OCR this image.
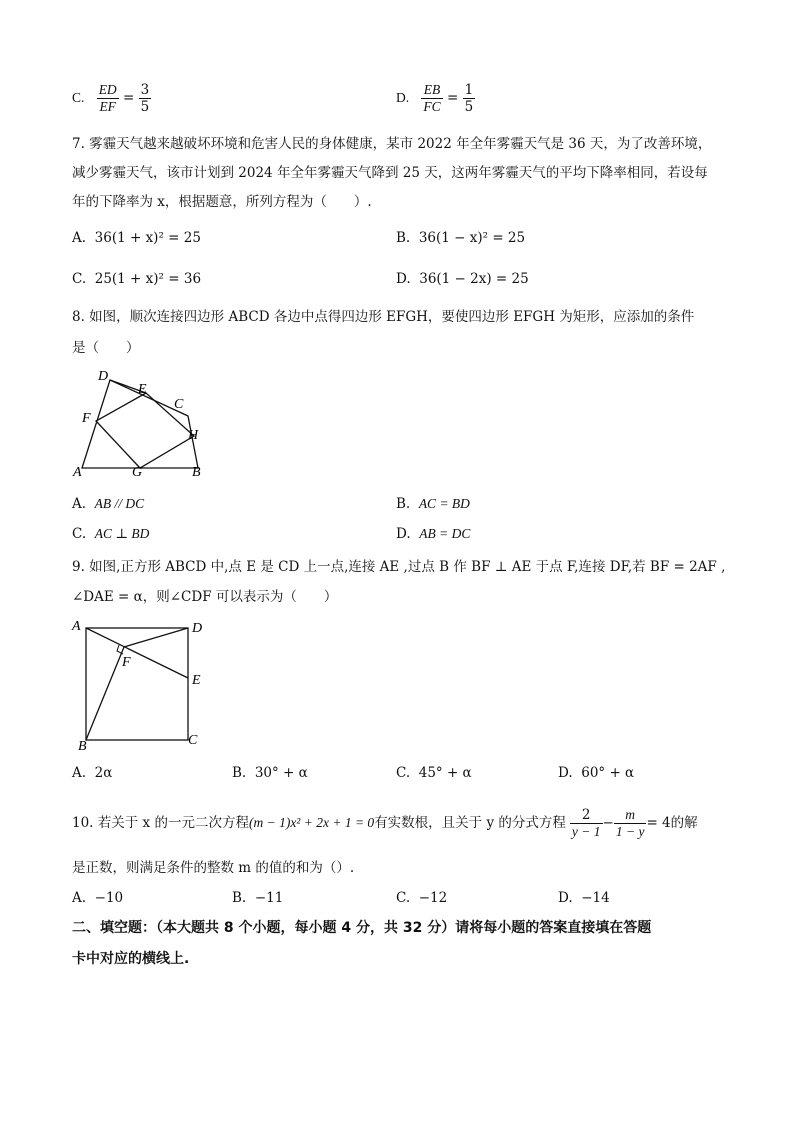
C. $\frac{ED}{EF} = \frac{3}{5}$	D. $\frac{EB}{FC} = \frac{1}{5}$
7. 雾霾天气越来越破坏环境和危害人民的身体健康，某市 2022 年全年雾霾天气是 36 天，为了改善环境，
减少雾霾天气，该市计划到 2024 年全年雾霾天气降到 25 天，这两年雾霾天气的平均下降率相同，若设每
年的下降率为 x，根据题意，所列方程为（　　）.
A. 36(1 + x)² = 25	B. 36(1 − x)² = 25
C. 25(1 + x)² = 36	D. 36(1 − 2x) = 25
8. 如图，顺次连接四边形 ABCD 各边中点得四边形 EFGH，要使四边形 EFGH 为矩形，应添加的条件
是（　　）
D
E
C
F
H
A	G	B
A. AB // DC	B. AC = BD
C. AC ⊥ BD	D. AB = DC
9. 如图,正方形 ABCD 中,点 E 是 CD 上一点,连接 AE ,过点 B 作 BF ⊥ AE 于点 F,连接 DF,若 BF = 2AF ,
∠DAE = α，则∠CDF 可以表示为（　　）
A	D
F
E
B	C
A. 2α	B. 30° + α	C. 45° + α	D. 60° + α
10. 若关于 x 的一元二次方程 (m − 1)x² + 2x + 1 = 0 有实数根，且关于 y 的分式方程 $\frac{2}{y - 1} - \frac{m}{1 - y} = 4$ 的解
是正数，则满足条件的整数 m 的值的和为（）.
A. −10	B. −11	C. −12	D. −14
二、填空题：（本大题共 8 个小题，每小题 4 分，共 32 分）请将每小题的答案直接填在答题
卡中对应的横线上.
